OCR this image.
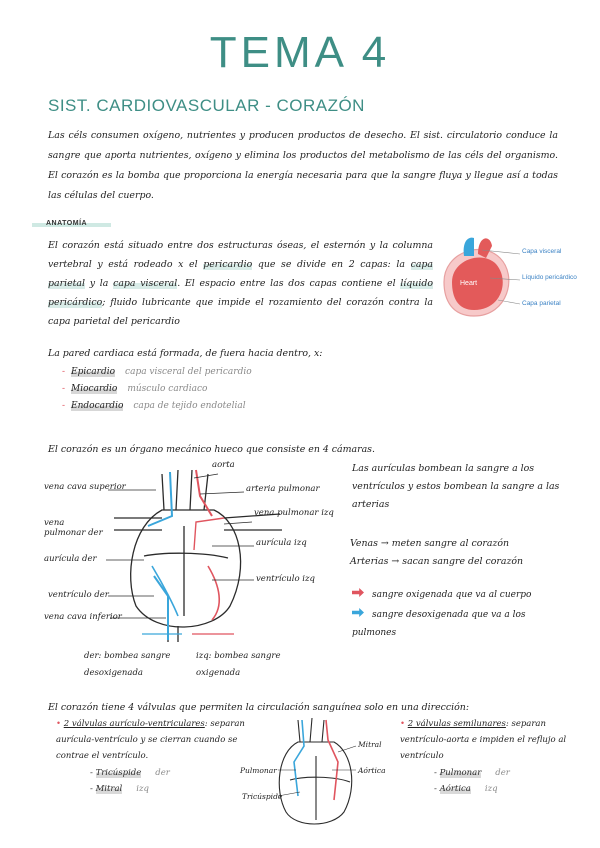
TEMA 4
SIST. CARDIOVASCULAR - CORAZÓN
Las céls consumen oxígeno, nutrientes y producen productos de desecho. El sist. circulatorio conduce la sangre que aporta nutrientes, oxígeno y elimina los productos del metabolismo de las céls del organismo. El corazón es la bomba que proporciona la energía necesaria para que la sangre fluya y llegue así a todas las células del cuerpo.
ANATOMÍA
El corazón está situado entre dos estructuras óseas, el esternón y la columna vertebral y está rodeado x el pericardio que se divide en 2 capas: la capa parietal y la capa visceral. El espacio entre las dos capas contiene el líquido pericárdico; fluido lubricante que impide el rozamiento del corazón contra la capa parietal del pericardio
Heart
Capa visceral
Líquido pericárdico
Capa parietal
La pared cardiaca está formada, de fuera hacia dentro, x:
- Epicardio capa visceral del pericardio
- Miocardio músculo cardiaco
- Endocardio capa de tejido endotelial
El corazón es un órgano mecánico hueco que consiste en 4 cámaras.
aorta
arteria pulmonar
vena cava superior
vena pulmonar der
vena pulmonar izq
aurícula izq
aurícula der
ventrículo izq
ventrículo der
vena cava inferior
der: bombea sangre desoxigenada
izq: bombea sangre oxigenada
Las aurículas bombean la sangre a los ventrículos y estos bombean la sangre a las arterias
Venas → meten sangre al corazón
Arterias → sacan sangre del corazón
sangre oxigenada que va al cuerpo
sangre desoxigenada que va a los pulmones
El corazón tiene 4 válvulas que permiten la circulación sanguínea solo en una dirección:
• 2 válvulas aurículo-ventriculares: separan aurícula-ventrículo y se cierran cuando se contrae el ventrículo.
- Tricúspide der
- Mitral izq
Mitral
Aórtica
Pulmonar
Tricúspide
• 2 válvulas semilunares: separan ventrículo-aorta e impiden el reflujo al ventrículo
- Pulmonar der
- Aórtica izq
